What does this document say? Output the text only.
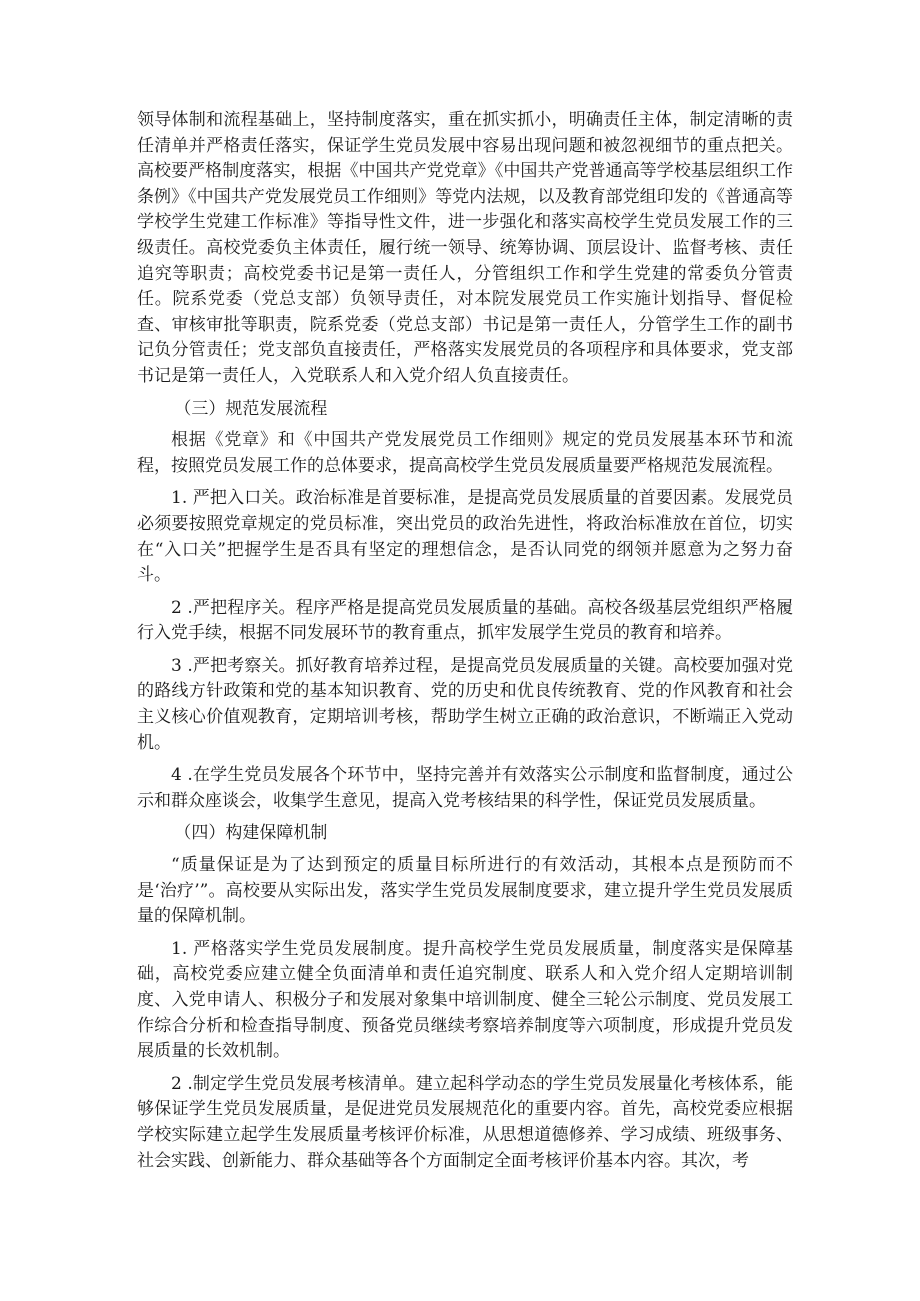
领导体制和流程基础上，坚持制度落实，重在抓实抓小，明确责任主体，制定清晰的责任清单并严格责任落实，保证学生党员发展中容易出现问题和被忽视细节的重点把关。高校要严格制度落实，根据《中国共产党党章》《中国共产党普通高等学校基层组织工作条例》《中国共产党发展党员工作细则》等党内法规，以及教育部党组印发的《普通高等学校学生党建工作标准》等指导性文件，进一步强化和落实高校学生党员发展工作的三级责任。高校党委负主体责任，履行统一领导、统筹协调、顶层设计、监督考核、责任追究等职责；高校党委书记是第一责任人，分管组织工作和学生党建的常委负分管责任。院系党委（党总支部）负领导责任，对本院发展党员工作实施计划指导、督促检查、审核审批等职责，院系党委（党总支部）书记是第一责任人，分管学生工作的副书记负分管责任；党支部负直接责任，严格落实发展党员的各项程序和具体要求，党支部书记是第一责任人，入党联系人和入党介绍人负直接责任。

（三）规范发展流程

根据《党章》和《中国共产党发展党员工作细则》规定的党员发展基本环节和流程，按照党员发展工作的总体要求，提高高校学生党员发展质量要严格规范发展流程。

1. 严把入口关。政治标准是首要标准，是提高党员发展质量的首要因素。发展党员必须要按照党章规定的党员标准，突出党员的政治先进性，将政治标准放在首位，切实在“入口关”把握学生是否具有坚定的理想信念，是否认同党的纲领并愿意为之努力奋斗。

2 .严把程序关。程序严格是提高党员发展质量的基础。高校各级基层党组织严格履行入党手续，根据不同发展环节的教育重点，抓牢发展学生党员的教育和培养。

3 .严把考察关。抓好教育培养过程，是提高党员发展质量的关键。高校要加强对党的路线方针政策和党的基本知识教育、党的历史和优良传统教育、党的作风教育和社会主义核心价值观教育，定期培训考核，帮助学生树立正确的政治意识，不断端正入党动机。

4 .在学生党员发展各个环节中，坚持完善并有效落实公示制度和监督制度，通过公示和群众座谈会，收集学生意见，提高入党考核结果的科学性，保证党员发展质量。

（四）构建保障机制

“质量保证是为了达到预定的质量目标所进行的有效活动，其根本点是预防而不是‘治疗’”。高校要从实际出发，落实学生党员发展制度要求，建立提升学生党员发展质量的保障机制。

1. 严格落实学生党员发展制度。提升高校学生党员发展质量，制度落实是保障基础，高校党委应建立健全负面清单和责任追究制度、联系人和入党介绍人定期培训制度、入党申请人、积极分子和发展对象集中培训制度、健全三轮公示制度、党员发展工作综合分析和检查指导制度、预备党员继续考察培养制度等六项制度，形成提升党员发展质量的长效机制。

2 .制定学生党员发展考核清单。建立起科学动态的学生党员发展量化考核体系，能够保证学生党员发展质量，是促进党员发展规范化的重要内容。首先，高校党委应根据学校实际建立起学生发展质量考核评价标准，从思想道德修养、学习成绩、班级事务、社会实践、创新能力、群众基础等各个方面制定全面考核评价基本内容。其次，考
